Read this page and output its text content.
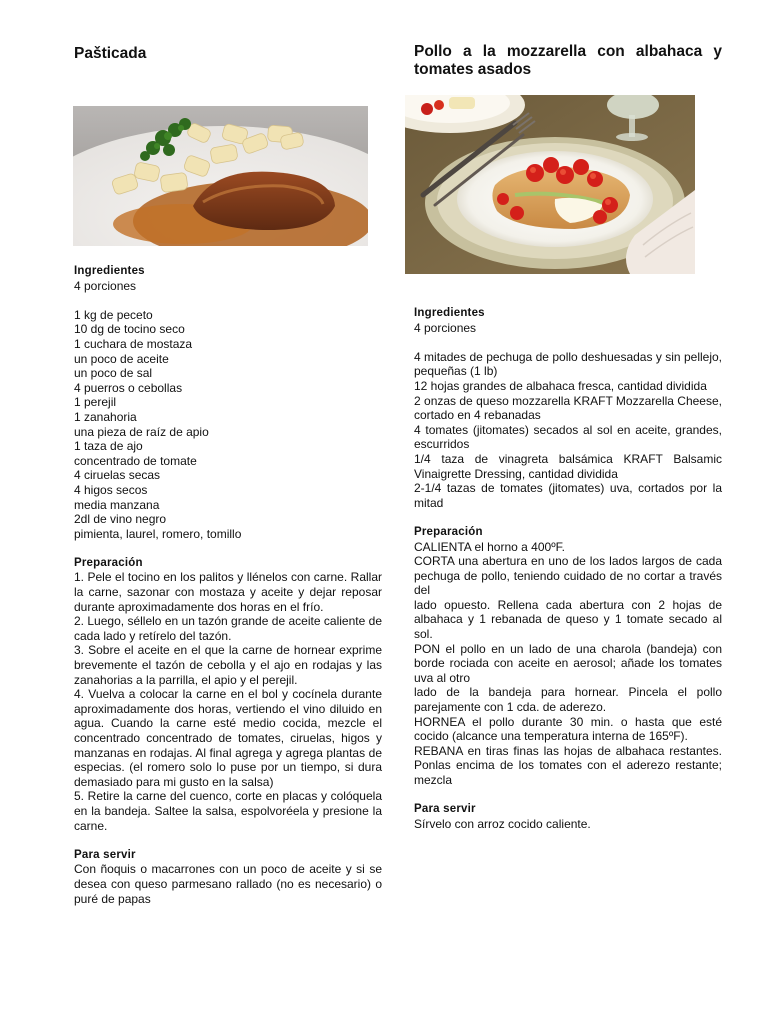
Pašticada
Ingredientes
4 porciones
1 kg de peceto
10 dg de tocino seco
1 cuchara de mostaza
un poco de aceite
un poco de sal
4 puerros o cebollas
1 perejil
1 zanahoria
una pieza de raíz de apio
1 taza de ajo
concentrado de tomate
4 ciruelas secas
4 higos secos
media manzana
2dl de vino negro
pimienta, laurel, romero, tomillo
Preparación
1. Pele el tocino en los palitos y llénelos con carne. Rallar la carne, sazonar con mostaza y aceite y dejar reposar durante aproximadamente dos horas en el frío.
2. Luego, séllelo en un tazón grande de aceite caliente de cada lado y retírelo del tazón.
3. Sobre el aceite en el que la carne de hornear exprime brevemente el tazón de cebolla y el ajo en rodajas y las zanahorias a la parrilla, el apio y el perejil.
4. Vuelva a colocar la carne en el bol y cocínela durante aproximadamente dos horas, vertiendo el vino diluido en agua. Cuando la carne esté medio cocida, mezcle el concentrado concentrado de tomates, ciruelas, higos y manzanas en rodajas. Al final agrega y agrega plantas de especias. (el romero solo lo puse por un tiempo, si dura demasiado para mi gusto en la salsa)
5. Retire la carne del cuenco, corte en placas y colóquela en la bandeja. Saltee la salsa, espolvoréela y presione la carne.
Para servir
Con ñoquis o macarrones con un poco de aceite y si se desea con queso parmesano rallado (no es necesario) o puré de papas
Pollo a la mozzarella con albahaca y tomates asados
Ingredientes
4 porciones
4 mitades de pechuga de pollo deshuesadas y sin pellejo, pequeñas (1 lb)
12 hojas grandes de albahaca fresca, cantidad dividida
2 onzas de queso mozzarella KRAFT Mozzarella Cheese, cortado en 4 rebanadas
4 tomates (jitomates) secados al sol en aceite, grandes, escurridos
1/4 taza de vinagreta balsámica KRAFT Balsamic Vinaigrette Dressing, cantidad dividida
2-1/4 tazas de tomates (jitomates) uva, cortados por la mitad
Preparación
CALIENTA el horno a 400ºF.
CORTA una abertura en uno de los lados largos de cada pechuga de pollo, teniendo cuidado de no cortar a través del
lado opuesto. Rellena cada abertura con 2 hojas de albahaca y 1 rebanada de queso y 1 tomate secado al sol.
PON el pollo en un lado de una charola (bandeja) con borde rociada con aceite en aerosol; añade los tomates uva al otro
lado de la bandeja para hornear. Pincela el pollo parejamente con 1 cda. de aderezo.
HORNEA el pollo durante 30 min. o hasta que esté cocido (alcance una temperatura interna de 165ºF).
REBANA en tiras finas las hojas de albahaca restantes. Ponlas encima de los tomates con el aderezo restante; mezcla
Para servir
Sírvelo con arroz cocido caliente.
